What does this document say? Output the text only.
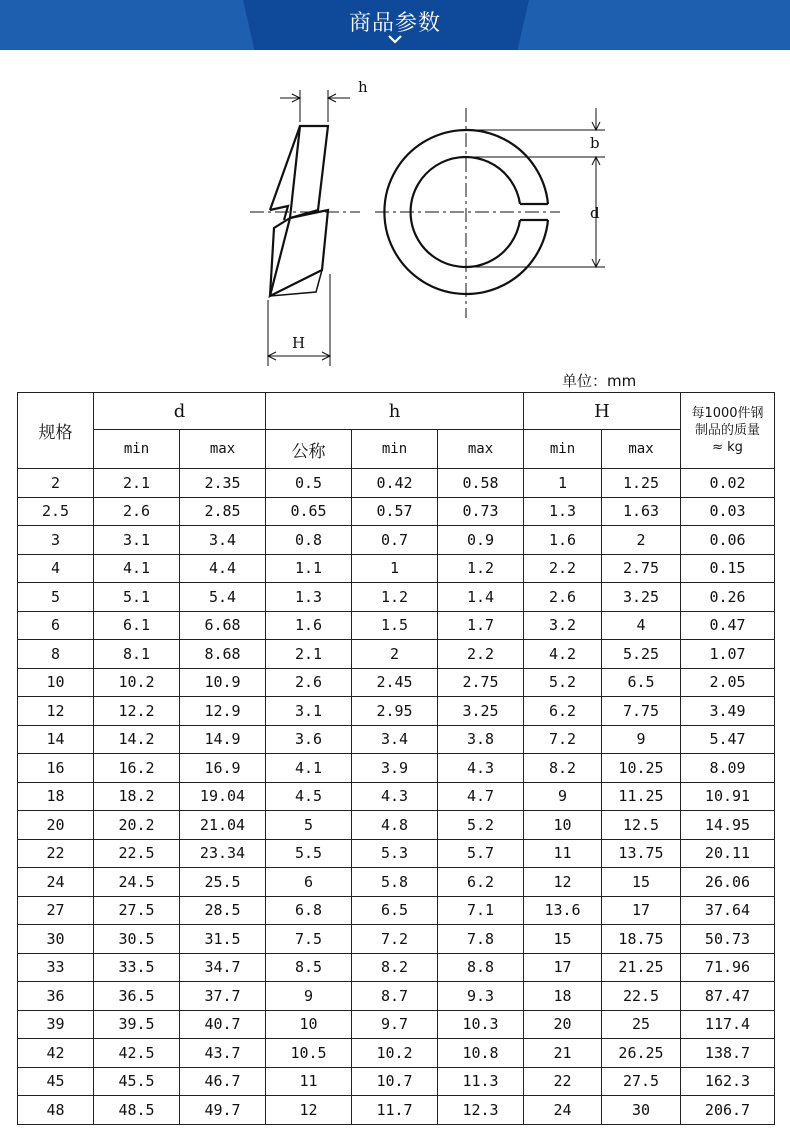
商品参数
h
b
d
H
单位：mm
规格	d		h			H		每1000件钢
制品的质量
≈ kg
	min	max	公称	min	max	min	max	
2	2.1	2.35	0.5	0.42	0.58	1	1.25	0.02
2.5	2.6	2.85	0.65	0.57	0.73	1.3	1.63	0.03
3	3.1	3.4	0.8	0.7	0.9	1.6	2	0.06
4	4.1	4.4	1.1	1	1.2	2.2	2.75	0.15
5	5.1	5.4	1.3	1.2	1.4	2.6	3.25	0.26
6	6.1	6.68	1.6	1.5	1.7	3.2	4	0.47
8	8.1	8.68	2.1	2	2.2	4.2	5.25	1.07
10	10.2	10.9	2.6	2.45	2.75	5.2	6.5	2.05
12	12.2	12.9	3.1	2.95	3.25	6.2	7.75	3.49
14	14.2	14.9	3.6	3.4	3.8	7.2	9	5.47
16	16.2	16.9	4.1	3.9	4.3	8.2	10.25	8.09
18	18.2	19.04	4.5	4.3	4.7	9	11.25	10.91
20	20.2	21.04	5	4.8	5.2	10	12.5	14.95
22	22.5	23.34	5.5	5.3	5.7	11	13.75	20.11
24	24.5	25.5	6	5.8	6.2	12	15	26.06
27	27.5	28.5	6.8	6.5	7.1	13.6	17	37.64
30	30.5	31.5	7.5	7.2	7.8	15	18.75	50.73
33	33.5	34.7	8.5	8.2	8.8	17	21.25	71.96
36	36.5	37.7	9	8.7	9.3	18	22.5	87.47
39	39.5	40.7	10	9.7	10.3	20	25	117.4
42	42.5	43.7	10.5	10.2	10.8	21	26.25	138.7
45	45.5	46.7	11	10.7	11.3	22	27.5	162.3
48	48.5	49.7	12	11.7	12.3	24	30	206.7
